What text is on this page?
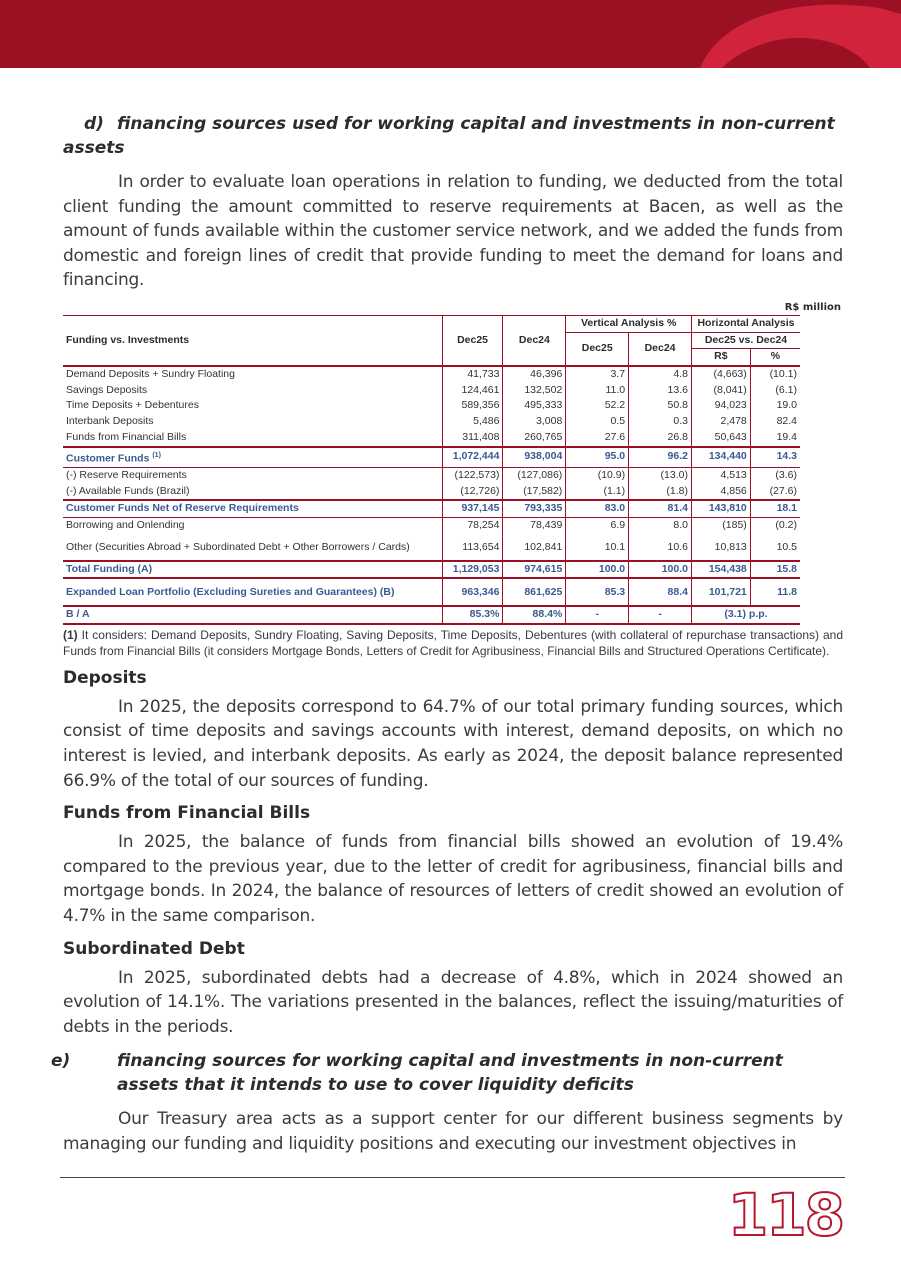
d) financing sources used for working capital and investments in non-current assets

In order to evaluate loan operations in relation to funding, we deducted from the total client funding the amount committed to reserve requirements at Bacen, as well as the amount of funds available within the customer service network, and we added the funds from domestic and foreign lines of credit that provide funding to meet the demand for loans and financing.

R$ million
Funding vs. Investments	Dec25	Dec24	Vertical Analysis %		Horizontal Analysis	
			Dec25	Dec24	Dec25 vs. Dec24	
					R$	%
Demand Deposits + Sundry Floating	41,733	46,396	3.7	4.8	(4,663)	(10.1)
Savings Deposits	124,461	132,502	11.0	13.6	(8,041)	(6.1)
Time Deposits + Debentures	589,356	495,333	52.2	50.8	94,023	19.0
Interbank Deposits	5,486	3,008	0.5	0.3	2,478	82.4
Funds from Financial Bills	311,408	260,765	27.6	26.8	50,643	19.4
Customer Funds $^{(1)}$	1,072,444	938,004	95.0	96.2	134,440	14.3
(-) Reserve Requirements	(122,573)	(127,086)	(10.9)	(13.0)	4,513	(3.6)
(-) Available Funds (Brazil)	(12,726)	(17,582)	(1.1)	(1.8)	4,856	(27.6)
Customer Funds Net of Reserve Requirements	937,145	793,335	83.0	81.4	143,810	18.1
Borrowing and Onlending	78,254	78,439	6.9	8.0	(185)	(0.2)
Other (Securities Abroad + Subordinated Debt + Other Borrowers / Cards)	113,654	102,841	10.1	10.6	10,813	10.5
Total Funding (A)	1,129,053	974,615	100.0	100.0	154,438	15.8
Expanded Loan Portfolio (Excluding Sureties and Guarantees) (B)	963,346	861,625	85.3	88.4	101,721	11.8
B / A	85.3%	88.4%	-	-	(3.1) p.p.	
(1) It considers: Demand Deposits, Sundry Floating, Saving Deposits, Time Deposits, Debentures (with collateral of repurchase transactions) and Funds from Financial Bills (it considers Mortgage Bonds, Letters of Credit for Agribusiness, Financial Bills and Structured Operations Certificate).
Deposits

In 2025, the deposits correspond to 64.7% of our total primary funding sources, which consist of time deposits and savings accounts with interest, demand deposits, on which no interest is levied, and interbank deposits. As early as 2024, the deposit balance represented 66.9% of the total of our sources of funding.

Funds from Financial Bills

In 2025, the balance of funds from financial bills showed an evolution of 19.4% compared to the previous year, due to the letter of credit for agribusiness, financial bills and mortgage bonds. In 2024, the balance of resources of letters of credit showed an evolution of 4.7% in the same comparison.

Subordinated Debt

In 2025, subordinated debts had a decrease of 4.8%, which in 2024 showed an evolution of 14.1%. The variations presented in the balances, reflect the issuing/maturities of debts in the periods.

e)	financing sources for working capital and investments in non-current assets that it intends to use to cover liquidity deficits

Our Treasury area acts as a support center for our different business segments by managing our funding and liquidity positions and executing our investment objectives in

118
